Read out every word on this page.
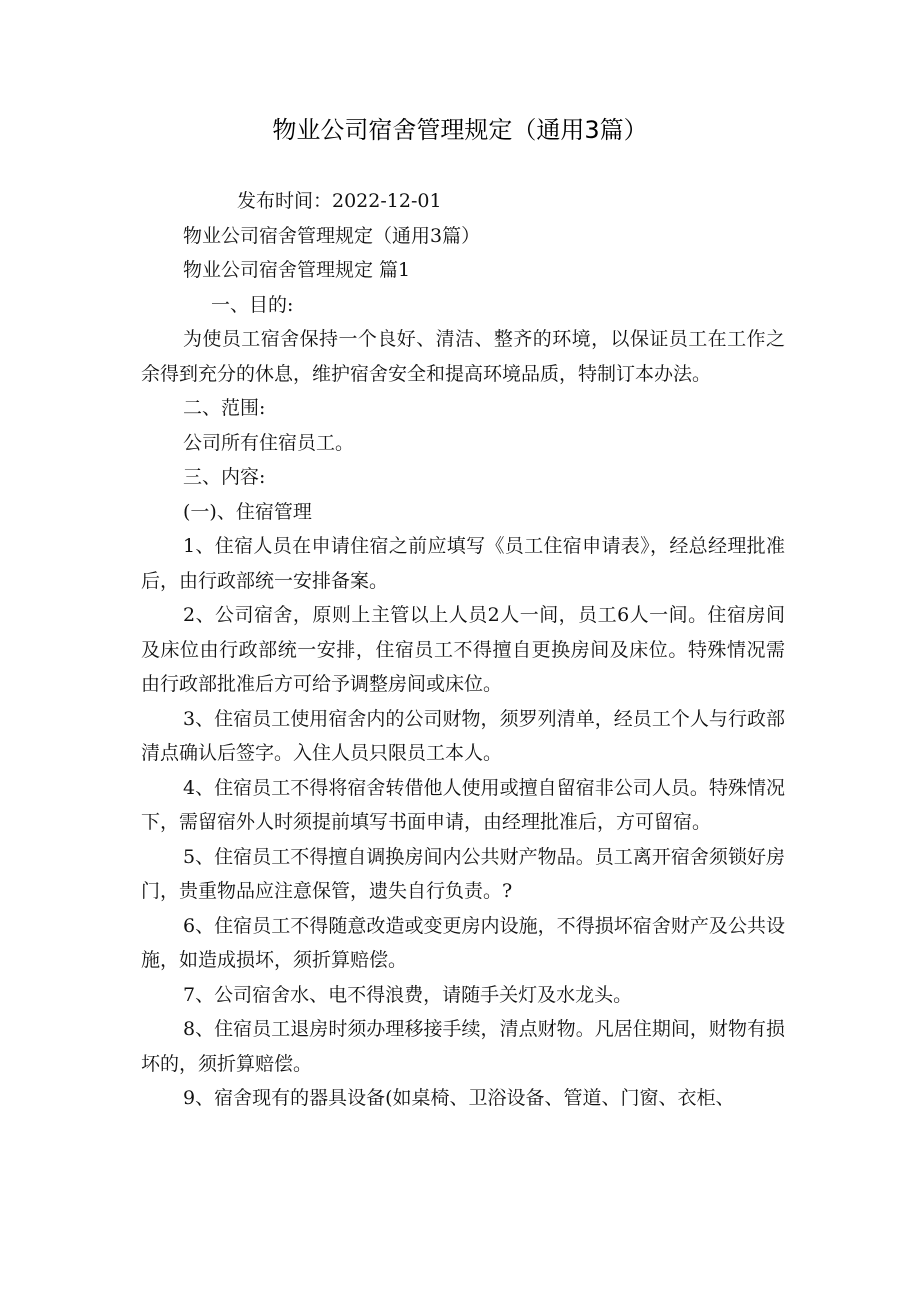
物业公司宿舍管理规定（通用3篇）

发布时间：2022-12-01

物业公司宿舍管理规定（通用3篇）

物业公司宿舍管理规定 篇1

一、目的:

为使员工宿舍保持一个良好、清洁、整齐的环境，以保证员工在工作之余得到充分的休息，维护宿舍安全和提高环境品质，特制订本办法。

二、范围:

公司所有住宿员工。

三、内容:

(一)、住宿管理

1、住宿人员在申请住宿之前应填写《员工住宿申请表》，经总经理批准后，由行政部统一安排备案。

2、公司宿舍，原则上主管以上人员2人一间，员工6人一间。住宿房间及床位由行政部统一安排，住宿员工不得擅自更换房间及床位。特殊情况需由行政部批准后方可给予调整房间或床位。

3、住宿员工使用宿舍内的公司财物，须罗列清单，经员工个人与行政部清点确认后签字。入住人员只限员工本人。

4、住宿员工不得将宿舍转借他人使用或擅自留宿非公司人员。特殊情况下，需留宿外人时须提前填写书面申请，由经理批准后，方可留宿。

5、住宿员工不得擅自调换房间内公共财产物品。员工离开宿舍须锁好房门，贵重物品应注意保管，遗失自行负责。?

6、住宿员工不得随意改造或变更房内设施，不得损坏宿舍财产及公共设施，如造成损坏，须折算赔偿。

7、公司宿舍水、电不得浪费，请随手关灯及水龙头。

8、住宿员工退房时须办理移接手续，清点财物。凡居住期间，财物有损坏的，须折算赔偿。

9、宿舍现有的器具设备(如桌椅、卫浴设备、管道、门窗、衣柜、
